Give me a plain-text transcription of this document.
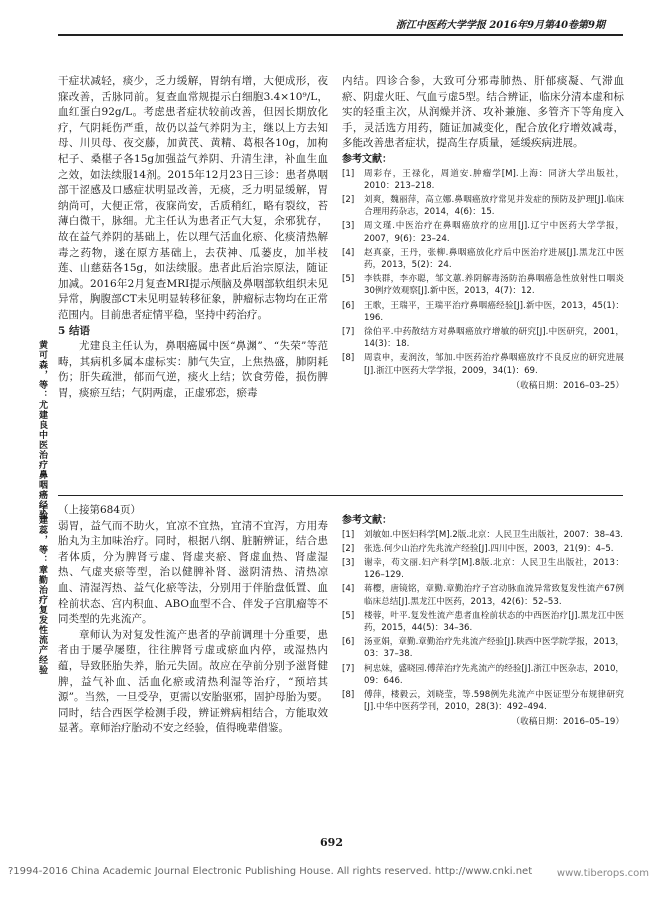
浙江中医药大学学报 2016年9月第40卷第9期
黄可森，等：尤建良中医治疗鼻咽癌经验
丁建蕊，等：章勤治疗复发性流产经验

干症状减轻，痰少，乏力缓解，胃纳有增，大便成形，夜寐改善，舌脉同前。复查血常规提示白细胞3.4×10⁹/L，血红蛋白92g/L。考虑患者症状较前改善，但因长期放化疗，气阴耗伤严重，故仍以益气养阴为主，继以上方去知母、川贝母、夜交藤，加黄芪、黄精、葛根各10g，加枸杞子、桑椹子各15g加强益气养阴、升清生津，补血生血之效，如法续服14剂。2015年12月23日三诊：患者鼻咽部干涩感及口感症状明显改善，无痰，乏力明显缓解，胃纳尚可，大便正常，夜寐尚安，舌质稍红，略有裂纹，苔薄白微干，脉细。尤主任认为患者正气大复，余邪犹存，故在益气养阴的基础上，佐以理气活血化瘀、化痰清热解毒之药物，遂在原方基础上，去茯神、瓜蒌皮，加半枝莲、山慈菇各15g，如法续服。患者此后治宗原法，随证加减。2016年2月复查MRI提示颅脑及鼻咽部软组织未见异常，胸腹部CT未见明显转移征象，肿瘤标志物均在正常范围内。目前患者症情平稳，坚持中药治疗。

5 结语

尤建良主任认为，鼻咽癌属中医“鼻渊”、“失荣”等范畴，其病机多属本虚标实：肺气失宣，上焦热盛，肺阴耗伤；肝失疏泄，郁而气逆，痰火上结；饮食劳倦，损伤脾胃，痰瘀互结；气阴两虚，正虚邪恋，瘀毒

内结。四诊合参，大致可分邪毒肺热、肝郁痰凝、气滞血瘀、阴虚火旺、气血亏虚5型。结合辨证，临床分清本虚和标实的轻重主次，从润燥并济、攻补兼施、多管齐下等角度入手，灵活选方用药，随证加减变化，配合放化疗增效减毒，多能改善患者症状，提高生存质量，延缓疾病进展。

参考文献：

[1]	周彩存，王禄化，周道安.肿瘤学[M].上海：同济大学出版社，2010：213–218.
[2]	刘爽，魏丽萍，高立娜.鼻咽癌放疗常见并发症的预防及护理[J].临床合理用药杂志，2014，4(6)：15.
[3]	周文瑾.中医治疗在鼻咽癌放疗的应用[J].辽宁中医药大学学报，2007，9(6)：23–24.
[4]	赵真豪，王丹，张柳.鼻咽癌放化疗后中医治疗进展[J].黑龙江中医药，2013，5(2)：24.
[5]	李铁群，李亦聪，邹文蕙.养阴解毒汤防治鼻咽癌急性放射性口咽炎30例疗效观察[J].新中医，2013，4(7)：12.
[6]	王歌，王瑞平，王瑞平治疗鼻咽癌经验[J].新中医，2013，45(1)：196.
[7]	徐伯平.中药散结方对鼻咽癌放疗增敏的研究[J].中医研究，2001，14(3)：18.
[8]	周袁申，麦润汝，邹加.中医药治疗鼻咽癌放疗不良反应的研究进展[J].浙江中医药大学学报，2009，34(1)：69.
（收稿日期：2016–03–25）

（上接第684页）

弱胃，益气而不助火，宜凉不宜热，宜清不宜泻，方用寿胎丸为主加味治疗。同时，根据八纲、脏腑辨证，结合患者体质，分为脾肾亏虚、肾虚夹瘀、肾虚血热、肾虚湿热、气虚夹瘀等型，治以健脾补肾、滋阴清热、清热凉血、清湿泻热、益气化瘀等法，分别用于伴胎盘低置、血栓前状态、宫内积血、ABO血型不合、伴发子宫肌瘤等不同类型的先兆流产。

章师认为对复发性流产患者的孕前调理十分重要，患者由于屡孕屡堕，往往脾肾亏虚或瘀血内停，或湿热内蕴，导致胚胎失养，胎元失固。故应在孕前分别予滋肾健脾，益气补血、活血化瘀或清热利湿等治疗，“预培其源”。当然，一旦受孕，更需以安胎驱邪，固护母胎为要。同时，结合西医学检测手段，辨证辨病相结合，方能取效显著。章师治疗胎动不安之经验，值得晚辈借鉴。

参考文献：

[1]	刘敏如.中医妇科学[M].2版.北京：人民卫生出版社，2007：38–43.
[2]	张选.何少山治疗先兆流产经验[J].四川中医，2003，21(9)：4–5.
[3]	谢幸，苟文丽.妇产科学[M].8版.北京：人民卫生出版社，2013：126–129.
[4]	蒋樱，唐镜铭，章勤.章勤治疗子宫动脉血流异常致复发性流产67例临床总结[J].黑龙江中医药，2013，42(6)：52–53.
[5]	楼蓉，叶平.复发性流产患者血栓前状态的中西医治疗[J].黑龙江中医药，2015，44(5)：34–36.
[6]	汤亚娟，章勤.章勤治疗先兆流产经验[J].陕西中医学院学报，2013，03：37–38.
[7]	柯忠妹，盛晓园.傅萍治疗先兆流产的经验[J].浙江中医杂志，2010，09：646.
[8]	傅萍，楼毅云，刘晓莹，等.598例先兆流产中医证型分布规律研究[J].中华中医药学刊，2010，28(3)：492–494.
（收稿日期：2016–05–19）
692
?1994-2016 China Academic Journal Electronic Publishing House. All rights reserved. http://www.cnki.net www.tiberops.com
